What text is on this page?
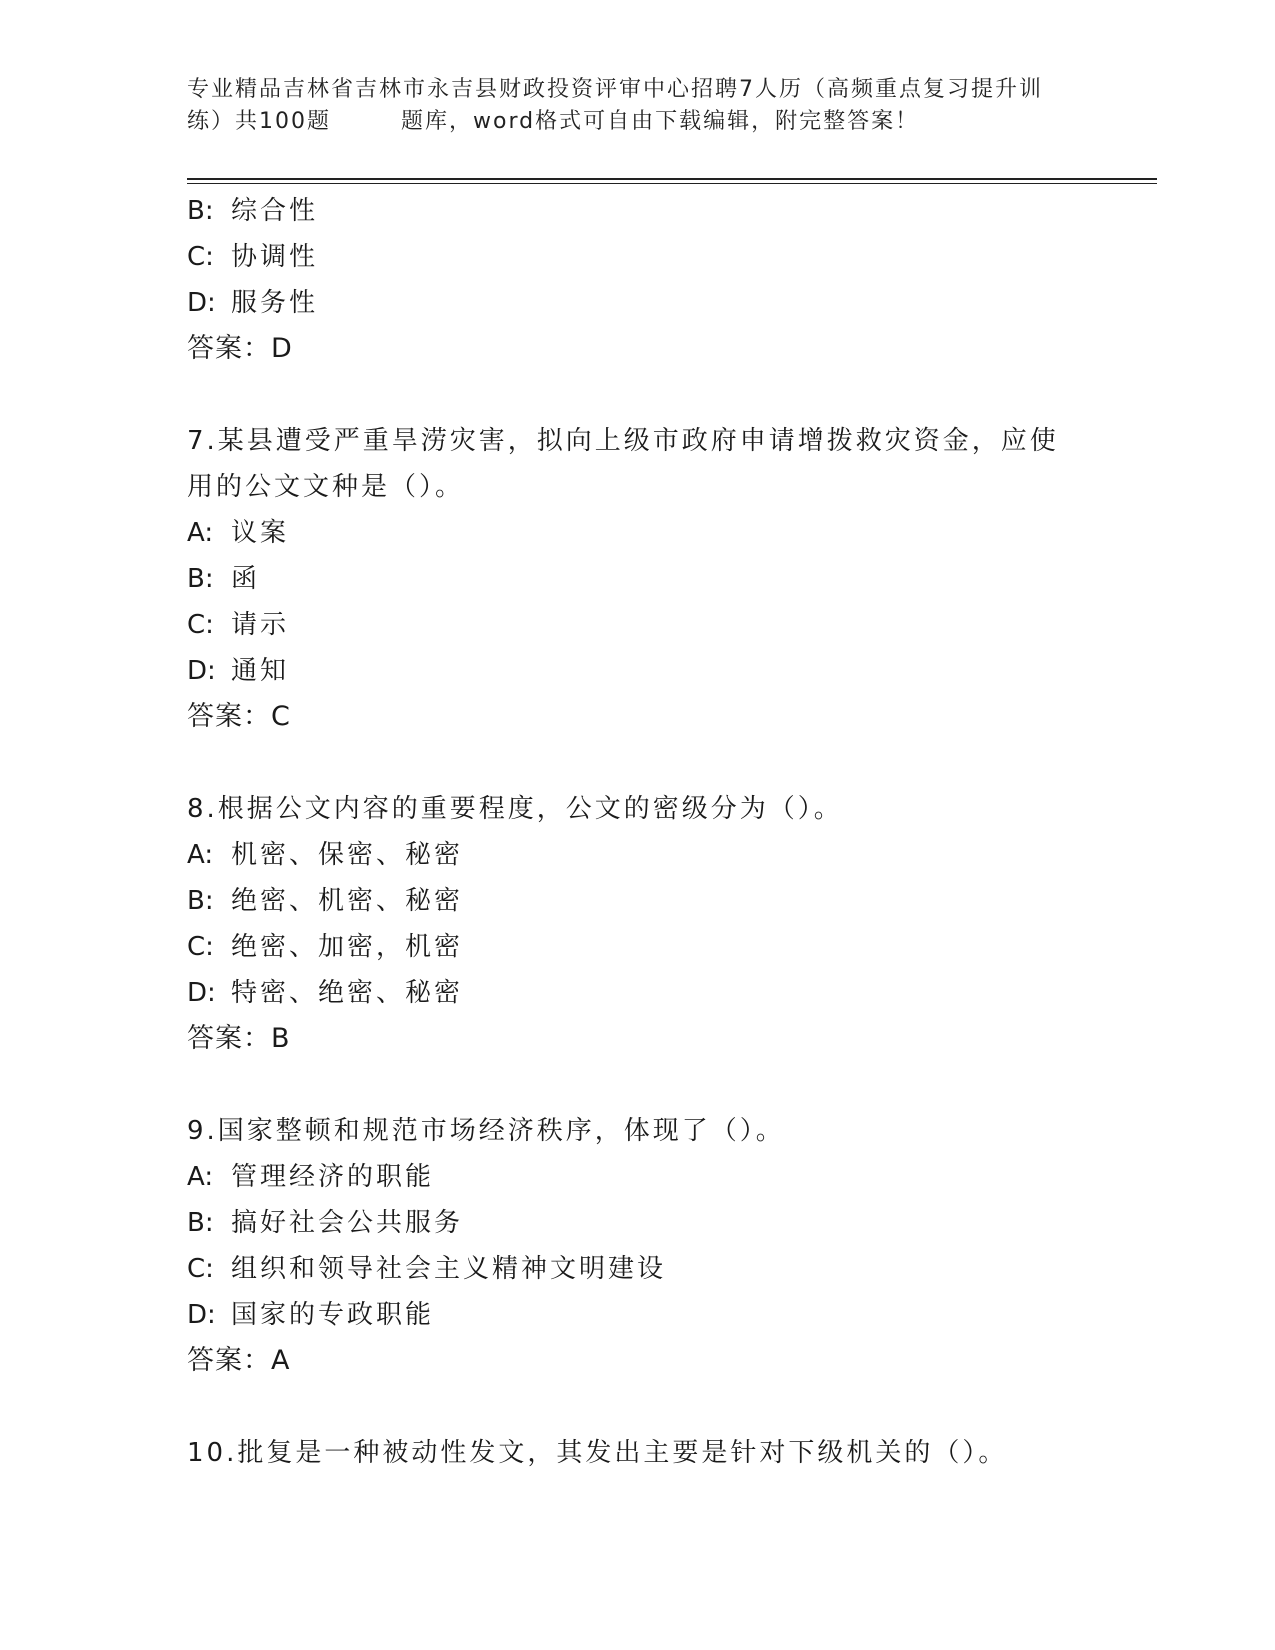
专业精品吉林省吉林市永吉县财政投资评审中心招聘7人历（高频重点复习提升训
练）共100题	题库，word格式可自由下载编辑，附完整答案！
B: 综合性
C: 协调性
D: 服务性
答案：D
7.某县遭受严重旱涝灾害，拟向上级市政府申请增拨救灾资金，应使
用的公文文种是（）。
A: 议案
B: 函
C: 请示
D: 通知
答案：C
8.根据公文内容的重要程度，公文的密级分为（）。
A: 机密、保密、秘密
B: 绝密、机密、秘密
C: 绝密、加密，机密
D: 特密、绝密、秘密
答案：B
9.国家整顿和规范市场经济秩序，体现了（）。
A: 管理经济的职能
B: 搞好社会公共服务
C: 组织和领导社会主义精神文明建设
D: 国家的专政职能
答案：A
10.批复是一种被动性发文，其发出主要是针对下级机关的（）。
